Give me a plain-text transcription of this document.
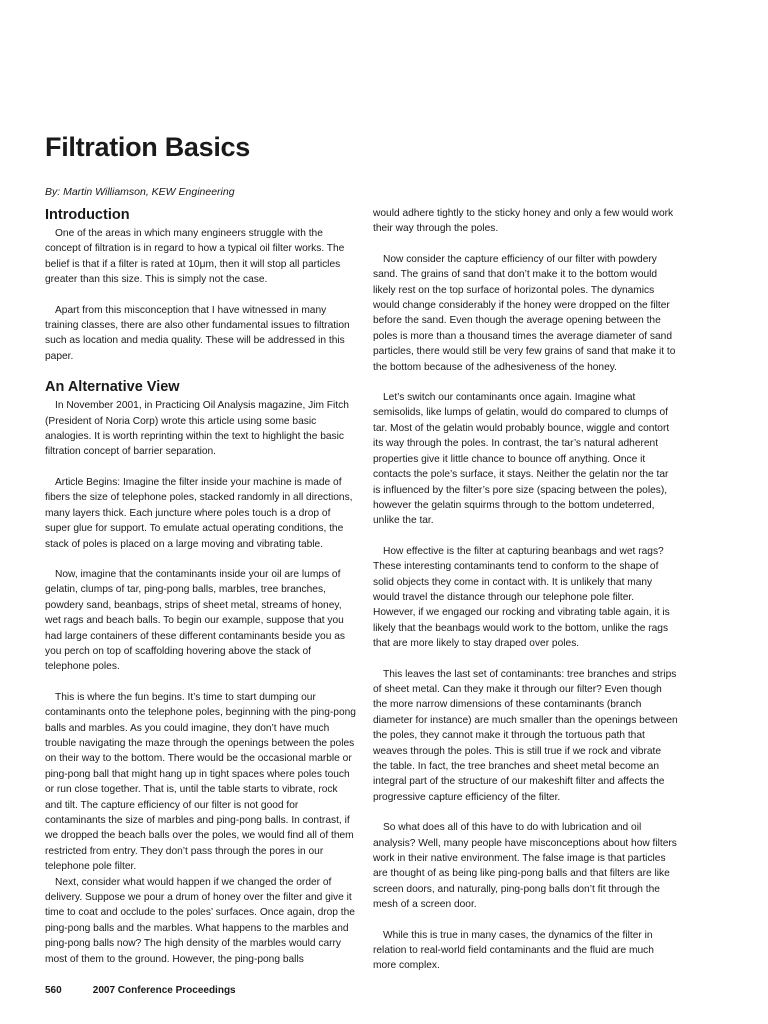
Filtration Basics
By: Martin Williamson, KEW Engineering
Introduction

One of the areas in which many engineers struggle with the concept of filtration is in regard to how a typical oil filter works. The belief is that if a filter is rated at 10μm, then it will stop all particles greater than this size. This is simply not the case.

Apart from this misconception that I have witnessed in many training classes, there are also other fundamental issues to filtration such as location and media quality. These will be addressed in this paper.

An Alternative View

In November 2001, in Practicing Oil Analysis magazine, Jim Fitch (President of Noria Corp) wrote this article using some basic analogies. It is worth reprinting within the text to highlight the basic filtration concept of barrier separation.

Article Begins: Imagine the filter inside your machine is made of fibers the size of telephone poles, stacked randomly in all directions, many layers thick. Each juncture where poles touch is a drop of super glue for support. To emulate actual operating conditions, the stack of poles is placed on a large moving and vibrating table.

Now, imagine that the contaminants inside your oil are lumps of gelatin, clumps of tar, ping-pong balls, marbles, tree branches, powdery sand, beanbags, strips of sheet metal, streams of honey, wet rags and beach balls. To begin our example, suppose that you had large containers of these different contaminants beside you as you perch on top of scaffolding hovering above the stack of telephone poles.

This is where the fun begins. It’s time to start dumping our contaminants onto the telephone poles, beginning with the ping-pong balls and marbles. As you could imagine, they don’t have much trouble navigating the maze through the openings between the poles on their way to the bottom. There would be the occasional marble or ping-pong ball that might hang up in tight spaces where poles touch or run close together. That is, until the table starts to vibrate, rock and tilt. The capture efficiency of our filter is not good for contaminants the size of marbles and ping-pong balls. In contrast, if we dropped the beach balls over the poles, we would find all of them restricted from entry. They don’t pass through the pores in our telephone pole filter.

Next, consider what would happen if we changed the order of delivery. Suppose we pour a drum of honey over the filter and give it time to coat and occlude to the poles’ surfaces. Once again, drop the ping-pong balls and the marbles. What happens to the marbles and ping-pong balls now? The high density of the marbles would carry most of them to the ground. However, the ping-pong balls

would adhere tightly to the sticky honey and only a few would work their way through the poles.

Now consider the capture efficiency of our filter with powdery sand. The grains of sand that don’t make it to the bottom would likely rest on the top surface of horizontal poles. The dynamics would change considerably if the honey were dropped on the filter before the sand. Even though the average opening between the poles is more than a thousand times the average diameter of sand particles, there would still be very few grains of sand that make it to the bottom because of the adhesiveness of the honey.

Let’s switch our contaminants once again. Imagine what semisolids, like lumps of gelatin, would do compared to clumps of tar. Most of the gelatin would probably bounce, wiggle and contort its way through the poles. In contrast, the tar’s natural adherent properties give it little chance to bounce off anything. Once it contacts the pole’s surface, it stays. Neither the gelatin nor the tar is influenced by the filter’s pore size (spacing between the poles), however the gelatin squirms through to the bottom undeterred, unlike the tar.

How effective is the filter at capturing beanbags and wet rags? These interesting contaminants tend to conform to the shape of solid objects they come in contact with. It is unlikely that many would travel the distance through our telephone pole filter. However, if we engaged our rocking and vibrating table again, it is likely that the beanbags would work to the bottom, unlike the rags that are more likely to stay draped over poles.

This leaves the last set of contaminants: tree branches and strips of sheet metal. Can they make it through our filter? Even though the more narrow dimensions of these contaminants (branch diameter for instance) are much smaller than the openings between the poles, they cannot make it through the tortuous path that weaves through the poles. This is still true if we rock and vibrate the table. In fact, the tree branches and sheet metal become an integral part of the structure of our makeshift filter and affects the progressive capture efficiency of the filter.

So what does all of this have to do with lubrication and oil analysis? Well, many people have misconceptions about how filters work in their native environment. The false image is that particles are thought of as being like ping-pong balls and that filters are like screen doors, and naturally, ping-pong balls don’t fit through the mesh of a screen door.

While this is true in many cases, the dynamics of the filter in relation to real-world field contaminants and the fluid are much more complex.

560	2007 Conference Proceedings
